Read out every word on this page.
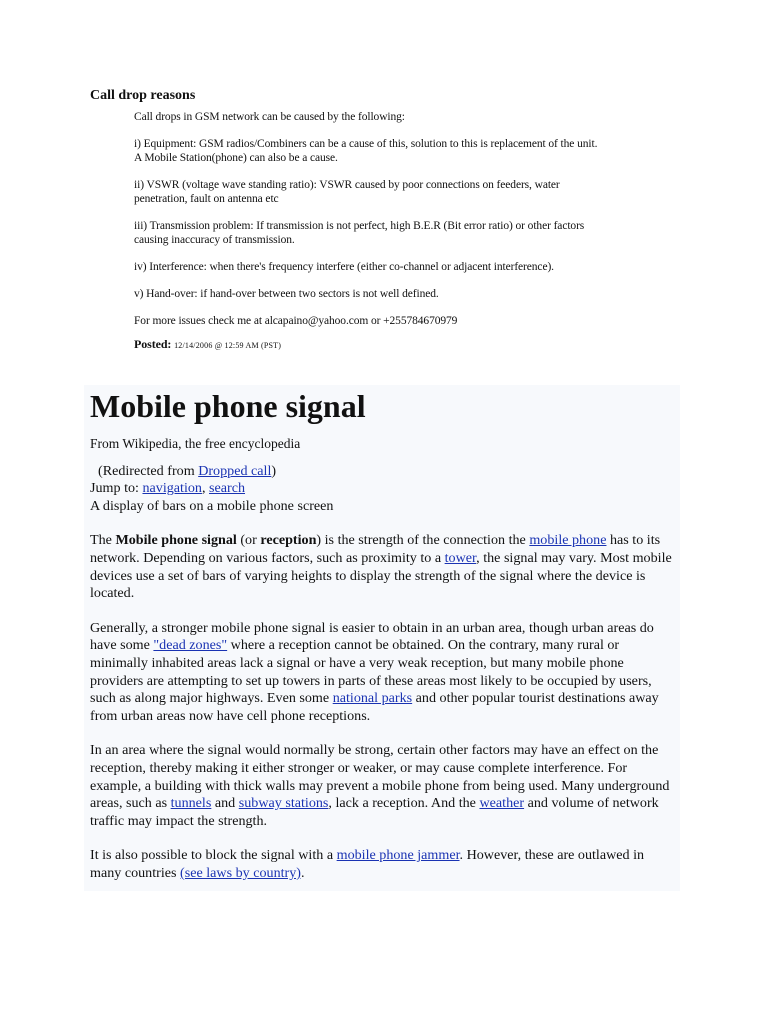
Call drop reasons

Call drops in GSM network can be caused by the following:

i) Equipment: GSM radios/Combiners can be a cause of this, solution to this is replacement of the unit.
A Mobile Station(phone) can also be a cause.

ii) VSWR (voltage wave standing ratio): VSWR caused by poor connections on feeders, water
penetration, fault on antenna etc

iii) Transmission problem: If transmission is not perfect, high B.E.R (Bit error ratio) or other factors
causing inaccuracy of transmission.

iv) Interference: when there's frequency interfere (either co-channel or adjacent interference).

v) Hand-over: if hand-over between two sectors is not well defined.

For more issues check me at alcapaino@yahoo.com or +255784670979

Posted: 12/14/2006 @ 12:59 AM (PST)

Mobile phone signal
From Wikipedia, the free encyclopedia

(Redirected from Dropped call)

Jump to: navigation, search

A display of bars on a mobile phone screen

The Mobile phone signal (or reception) is the strength of the connection the mobile phone has to its network. Depending on various factors, such as proximity to a tower, the signal may vary. Most mobile devices use a set of bars of varying heights to display the strength of the signal where the device is located.

Generally, a stronger mobile phone signal is easier to obtain in an urban area, though urban areas do have some "dead zones" where a reception cannot be obtained. On the contrary, many rural or minimally inhabited areas lack a signal or have a very weak reception, but many mobile phone providers are attempting to set up towers in parts of these areas most likely to be occupied by users, such as along major highways. Even some national parks and other popular tourist destinations away from urban areas now have cell phone receptions.

In an area where the signal would normally be strong, certain other factors may have an effect on the reception, thereby making it either stronger or weaker, or may cause complete interference. For example, a building with thick walls may prevent a mobile phone from being used. Many underground areas, such as tunnels and subway stations, lack a reception. And the weather and volume of network traffic may impact the strength.

It is also possible to block the signal with a mobile phone jammer. However, these are outlawed in many countries (see laws by country).
